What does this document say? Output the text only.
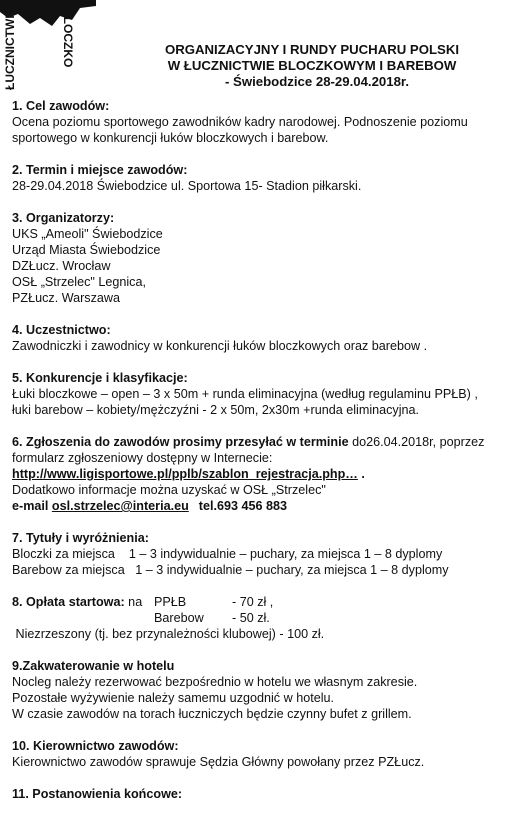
ŁUCZNICTWIE	BLOCZKO	ORGANIZACYJNY I RUNDY PUCHARU POLSKI
W ŁUCZNICTWIE BLOCZKOWYM I BAREBOW
- Świebodzice 28-29.04.2018r.
1. Cel zawodów:
Ocena poziomu sportowego zawodników kadry narodowej. Podnoszenie poziomu
sportowego w konkurencji łuków bloczkowych i barebow.
2. Termin i miejsce zawodów:
28-29.04.2018 Świebodzice ul. Sportowa 15- Stadion piłkarski.
3. Organizatorzy:
UKS „Ameoli" Świebodzice
Urząd Miasta Świebodzice
DZŁucz. Wrocław
OSŁ „Strzelec" Legnica,
PZŁucz. Warszawa
4. Uczestnictwo:
Zawodniczki i zawodnicy w konkurencji łuków bloczkowych oraz barebow .
5. Konkurencje i klasyfikacje:
Łuki bloczkowe – open – 3 x 50m + runda eliminacyjna (według regulaminu PPŁB) ,
łuki barebow – kobiety/mężczyźni - 2 x 50m, 2x30m +runda eliminacyjna.
6. Zgłoszenia do zawodów prosimy przesyłać w terminie do26.04.2018r, poprzez
formularz zgłoszeniowy dostępny w Internecie:
http://www.ligisportowe.pl/pplb/szablon_rejestracja.php… .
Dodatkowo informacje można uzyskać w OSŁ „Strzelec"
e-mail osl.strzelec@interia.eu tel.693 456 883
7. Tytuły i wyróżnienia:
Bloczki za miejsca    1 – 3 indywidualnie – puchary, za miejsca 1 – 8 dyplomy
Barebow za miejsca   1 – 3 indywidualnie – puchary, za miejsca 1 – 8 dyplomy
8. Opłata startowa: na PPŁB	- 70 zł ,
Barebow - 50 zł.
Niezrzeszony (tj. bez przynależności klubowej) - 100 zł.
9.Zakwaterowanie w hotelu
Nocleg należy rezerwować bezpośrednio w hotelu we własnym zakresie.
Pozostałe wyżywienie należy samemu uzgodnić w hotelu.
W czasie zawodów na torach łuczniczych będzie czynny bufet z grillem.
10. Kierownictwo zawodów:
Kierownictwo zawodów sprawuje Sędzia Główny powołany przez PZŁucz.
11. Postanowienia końcowe:
